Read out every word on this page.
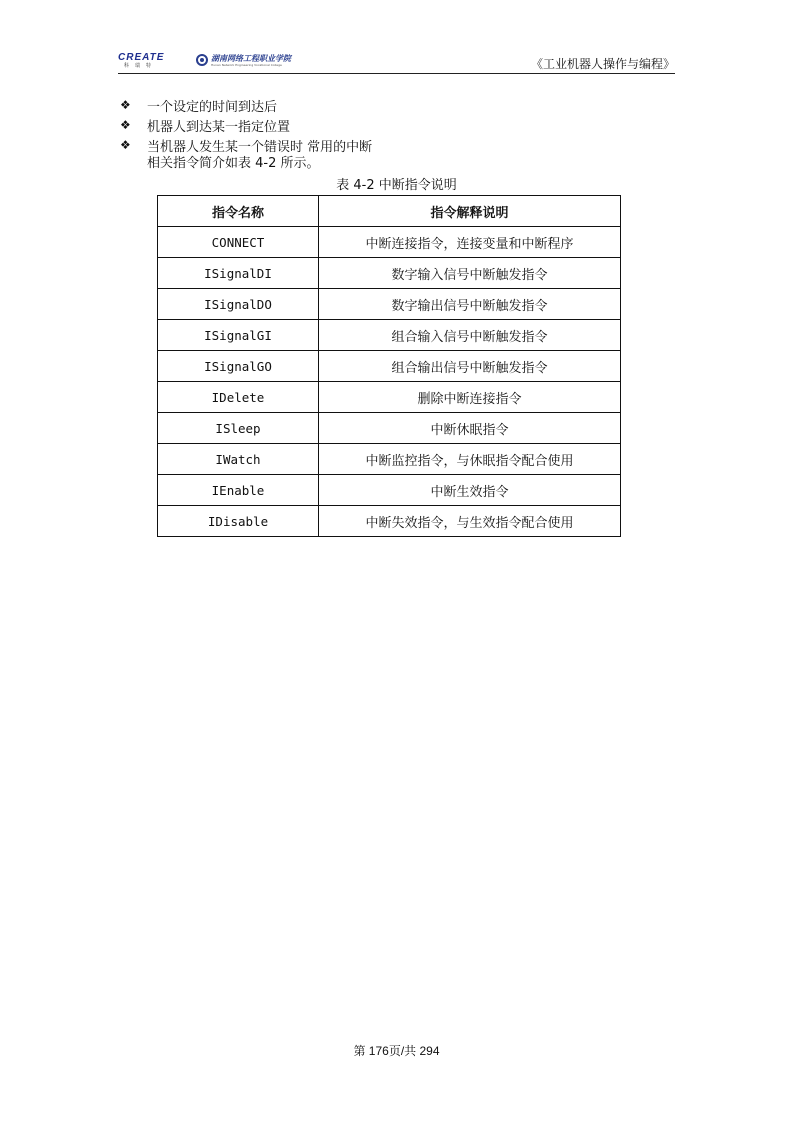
CREATE
科瑞特
湖南网络工程职业学院
Hunan Network Engineering Vocational College	《工业机器人操作与编程》
❖	一个设定的时间到达后
❖	机器人到达某一指定位置
❖	当机器人发生某一个错误时 常用的中断
相关指令简介如表 4-2 所示。
表 4-2 中断指令说明
指令名称	指令解释说明
CONNECT	中断连接指令，连接变量和中断程序
ISignalDI	数字输入信号中断触发指令
ISignalDO	数字输出信号中断触发指令
ISignalGI	组合输入信号中断触发指令
ISignalGO	组合输出信号中断触发指令
IDelete	删除中断连接指令
ISleep	中断休眠指令
IWatch	中断监控指令，与休眠指令配合使用
IEnable	中断生效指令
IDisable	中断失效指令，与生效指令配合使用
第 176页/共 294
